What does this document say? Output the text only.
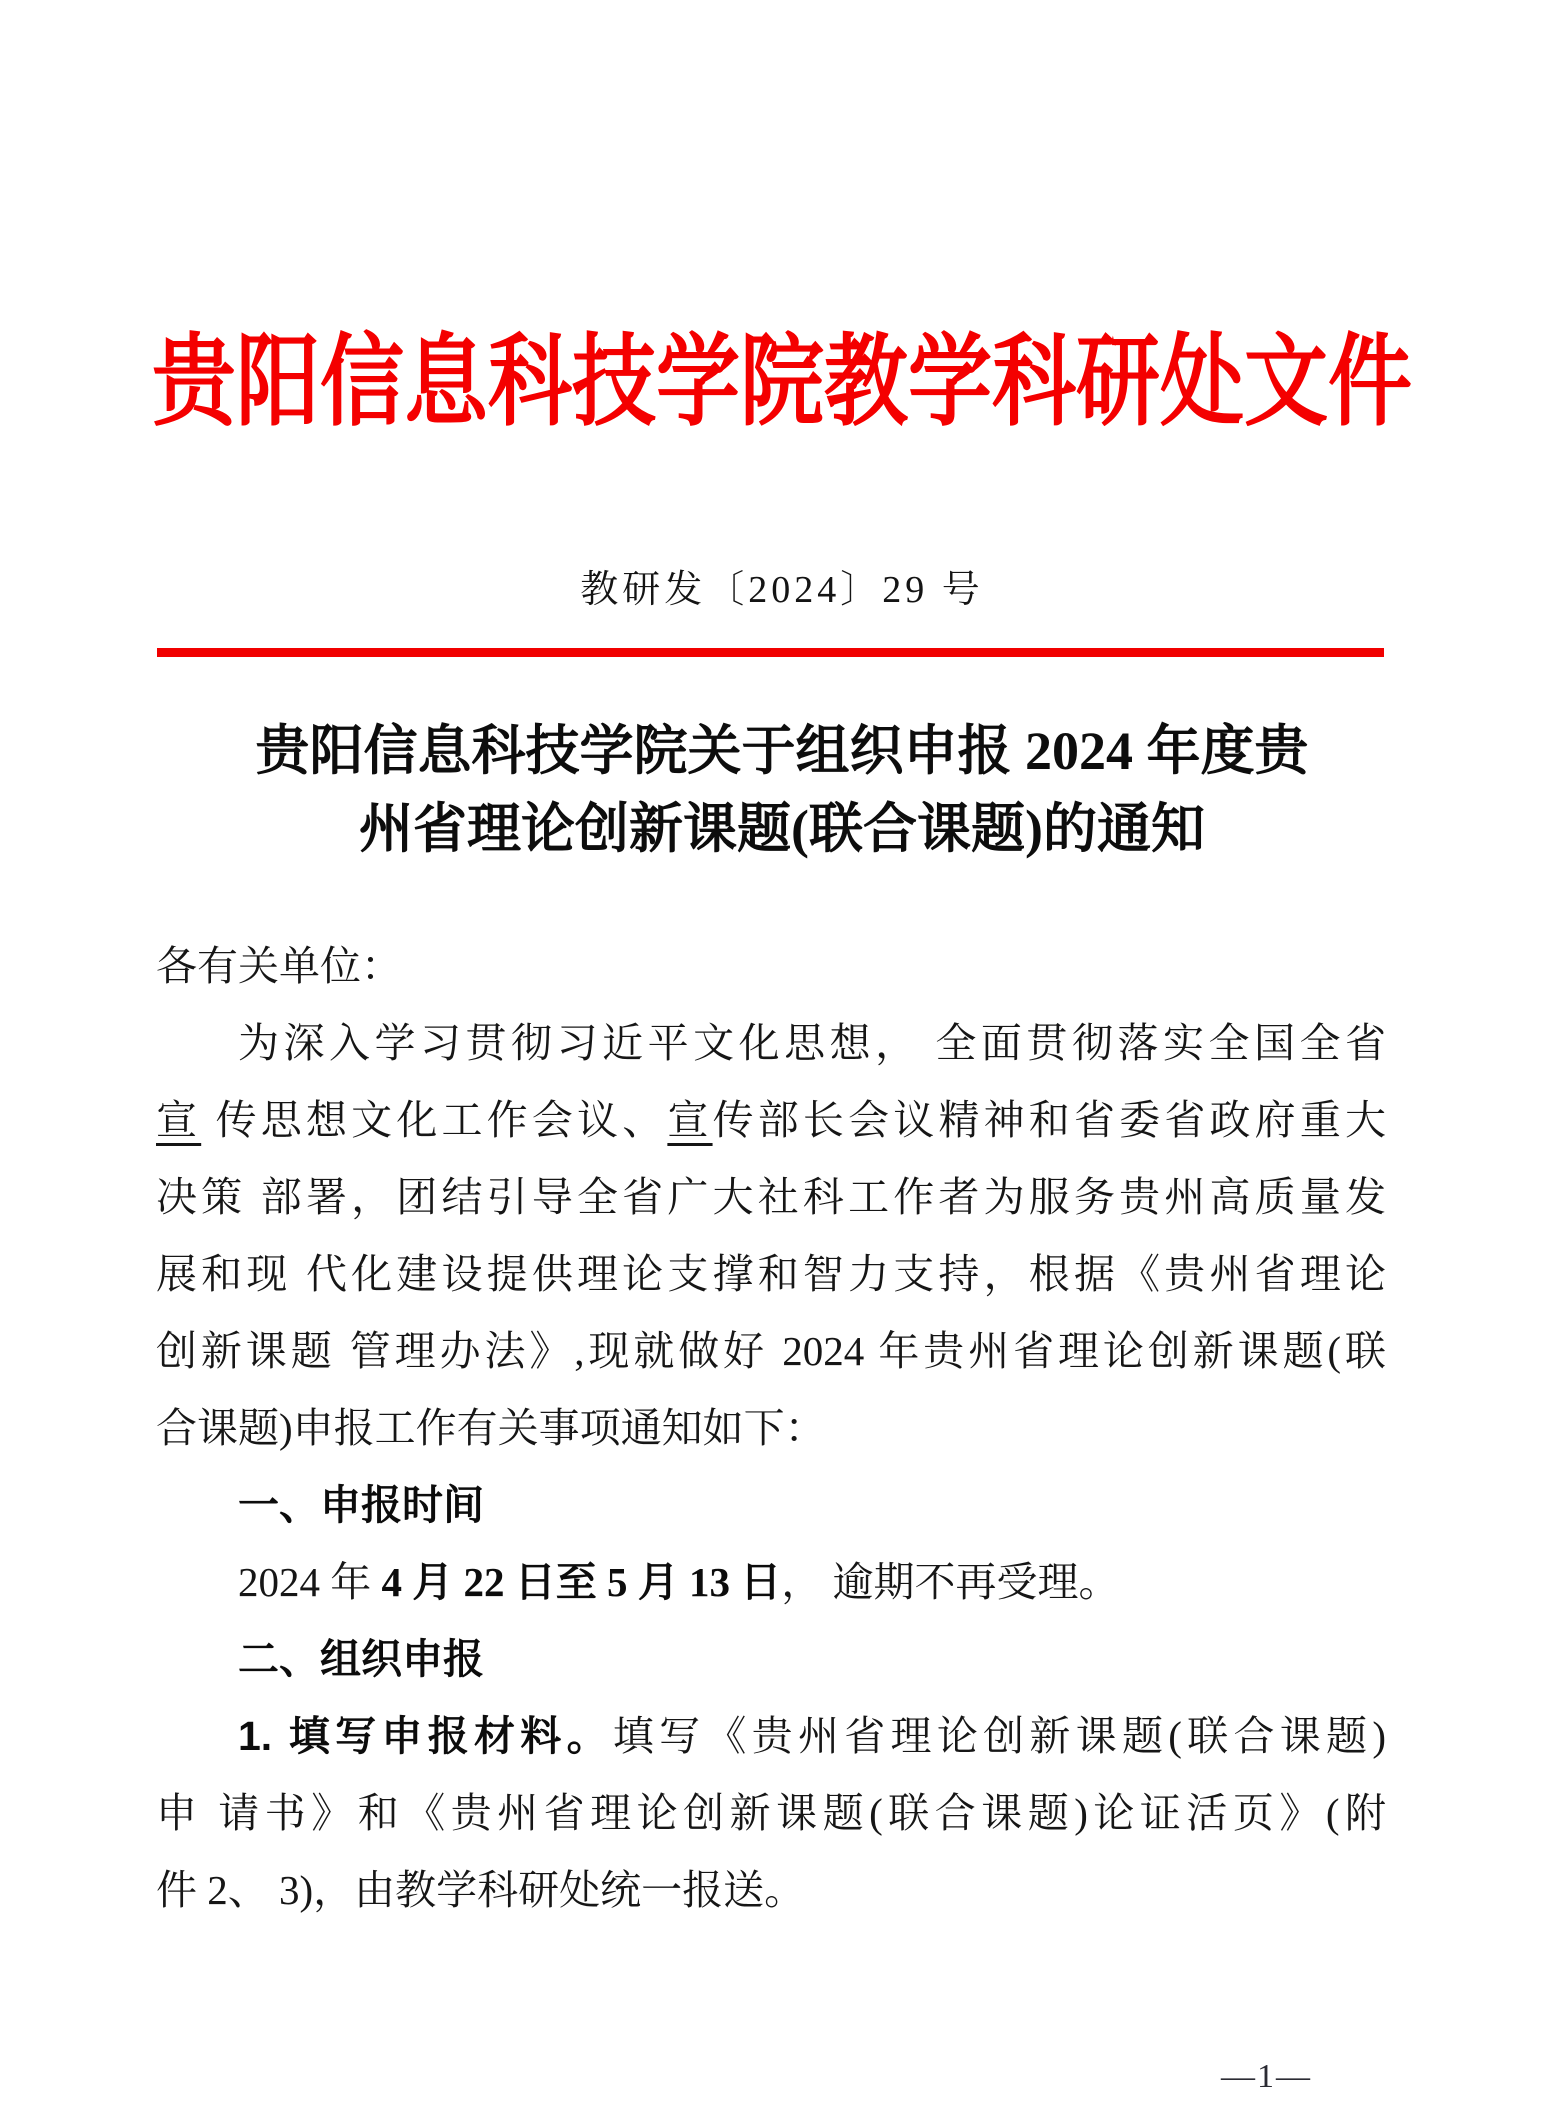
贵阳信息科技学院教学科研处文件
教研发〔2024〕29 号
贵阳信息科技学院关于组织申报 2024 年度贵
州省理论创新课题(联合课题)的通知
各有关单位：
为深入学习贯彻习近平文化思想， 全面贯彻落实全国全省
宣 传思想文化工作会议、宣传部长会议精神和省委省政府重大
决策 部署，团结引导全省广大社科工作者为服务贵州高质量发
展和现 代化建设提供理论支撑和智力支持，根据《贵州省理论
创新课题 管理办法》,现就做好 2024 年贵州省理论创新课题(联
合课题)申报工作有关事项通知如下：
一、申报时间
2024 年 4 月 22 日至 5 月 13 日， 逾期不再受理。
二、组织申报
1. 填写申报材料。填写《贵州省理论创新课题(联合课题)
申 请书》和《贵州省理论创新课题(联合课题)论证活页》(附
件 2、 3)，由教学科研处统一报送。
—1—
